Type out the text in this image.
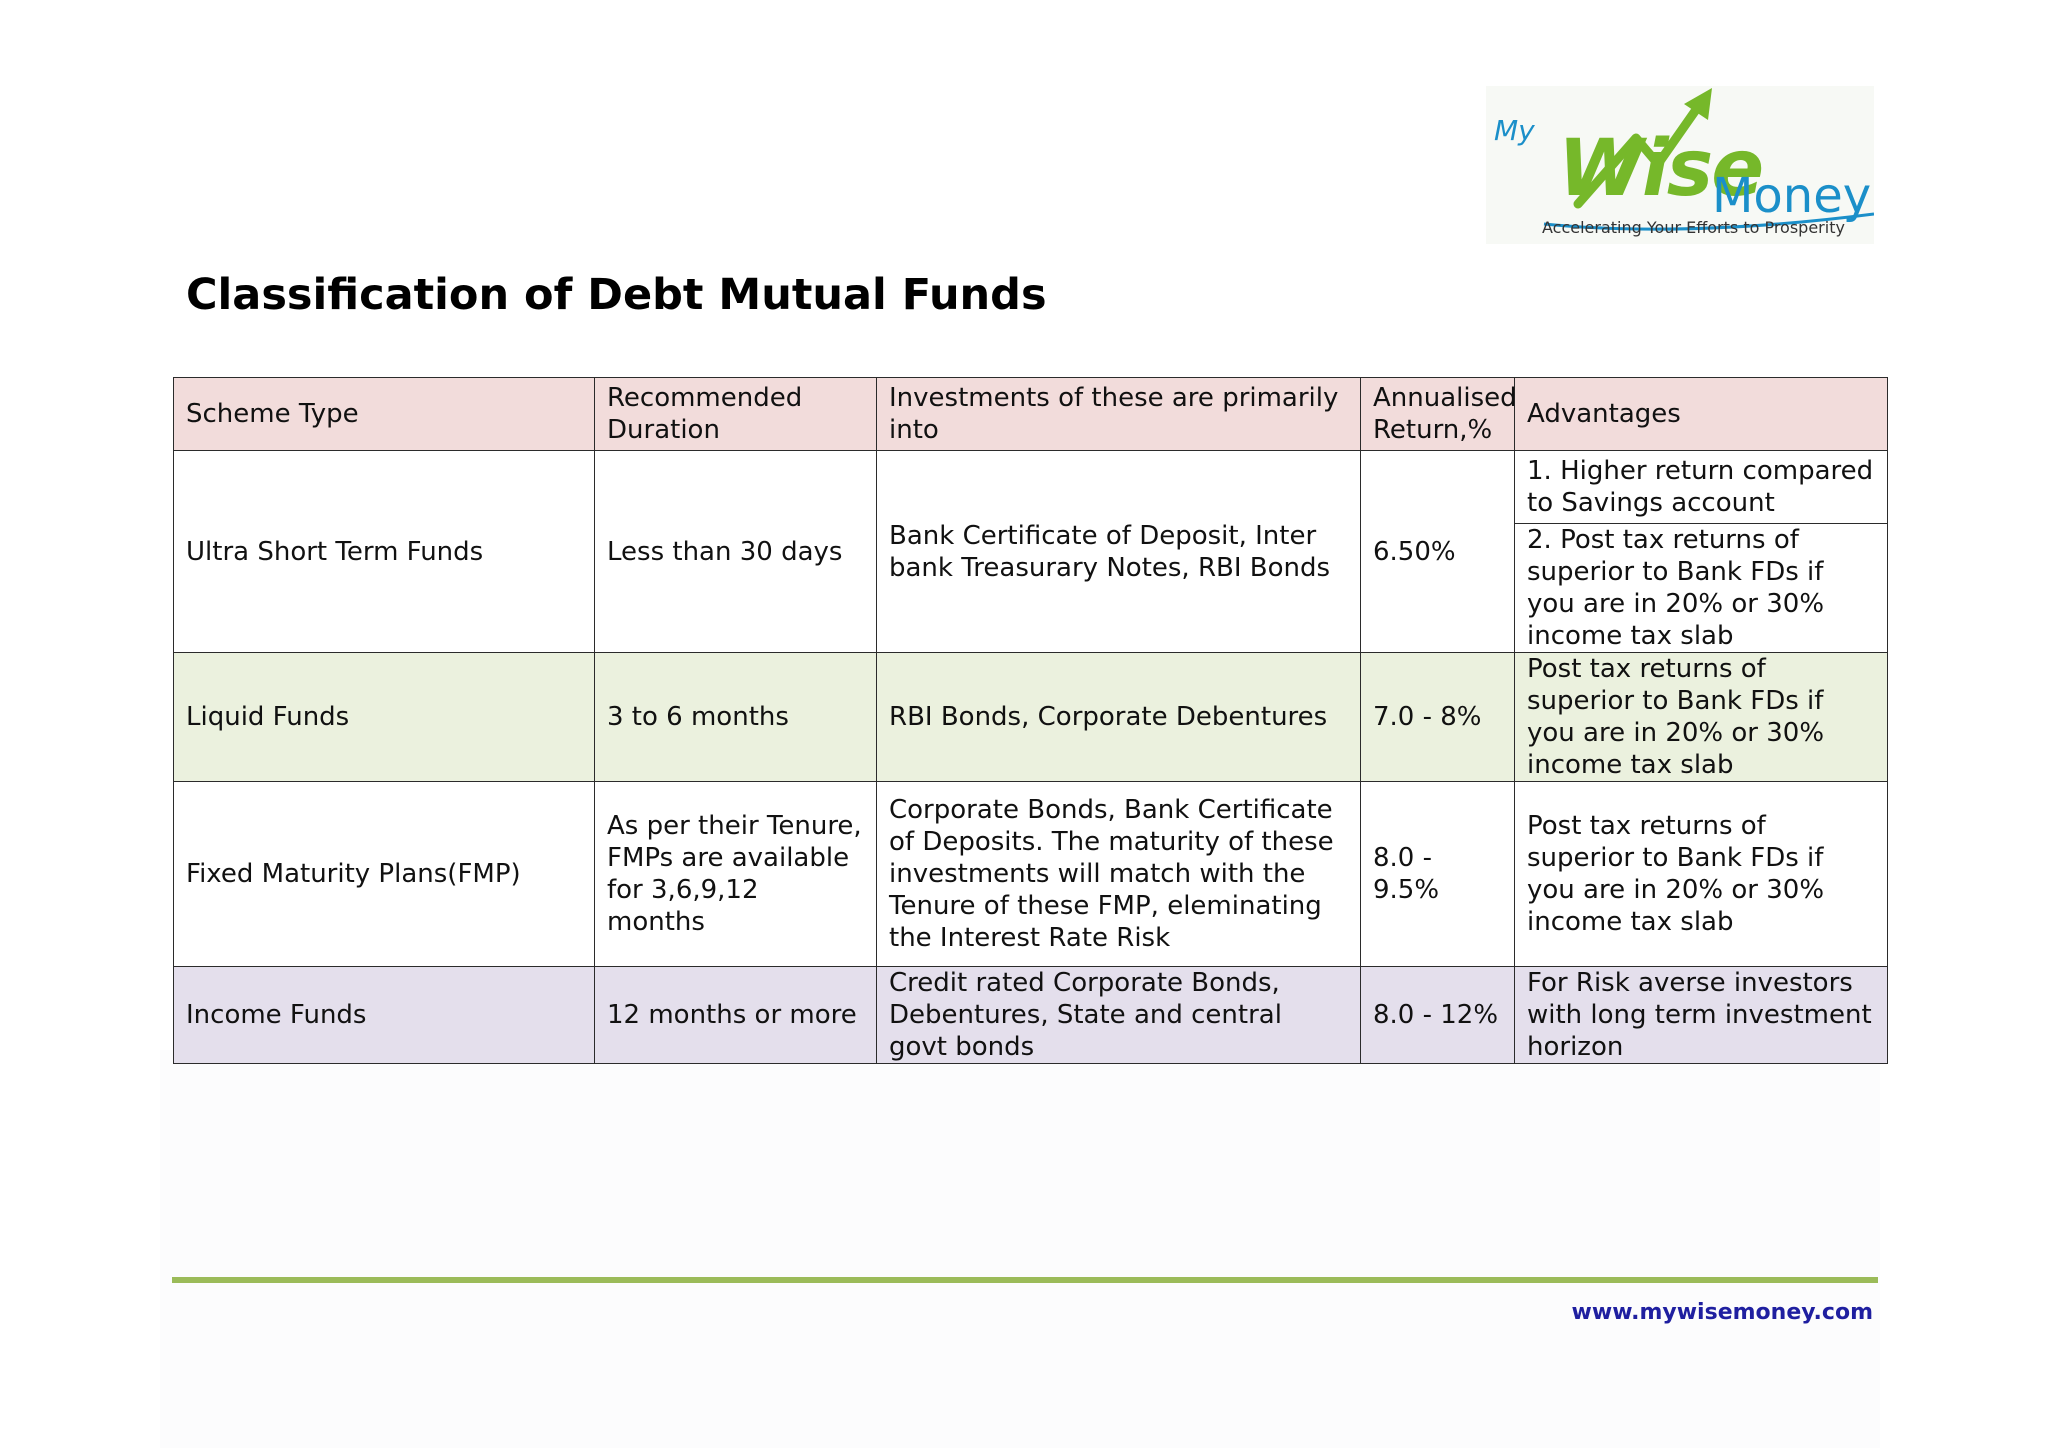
My Wise
Money
Accelerating Your Efforts to Prosperity
Classification of Debt Mutual Funds
Scheme Type	Recommended Duration	Investments of these are primarily into	Annualised Return,%	Advantages
Ultra Short Term Funds	Less than 30 days	Bank Certificate of Deposit, Inter bank Treasurary Notes, RBI Bonds	6.50%	1. Higher return compared to Savings account
				2. Post tax returns of superior to Bank FDs if you are in 20% or 30% income tax slab
Liquid Funds	3 to 6 months	RBI Bonds, Corporate Debentures	7.0 - 8%	Post tax returns of superior to Bank FDs if you are in 20% or 30% income tax slab
Fixed Maturity Plans(FMP)	As per their Tenure, FMPs are available for 3,6,9,12 months	Corporate Bonds, Bank Certificate of Deposits. The maturity of these investments will match with the Tenure of these FMP, eleminating the Interest Rate Risk	8.0 - 9.5%	Post tax returns of superior to Bank FDs if you are in 20% or 30% income tax slab
Income Funds	12 months or more	Credit rated Corporate Bonds, Debentures, State and central govt bonds	8.0 - 12%	For Risk averse investors with long term investment horizon
www.mywisemoney.com
